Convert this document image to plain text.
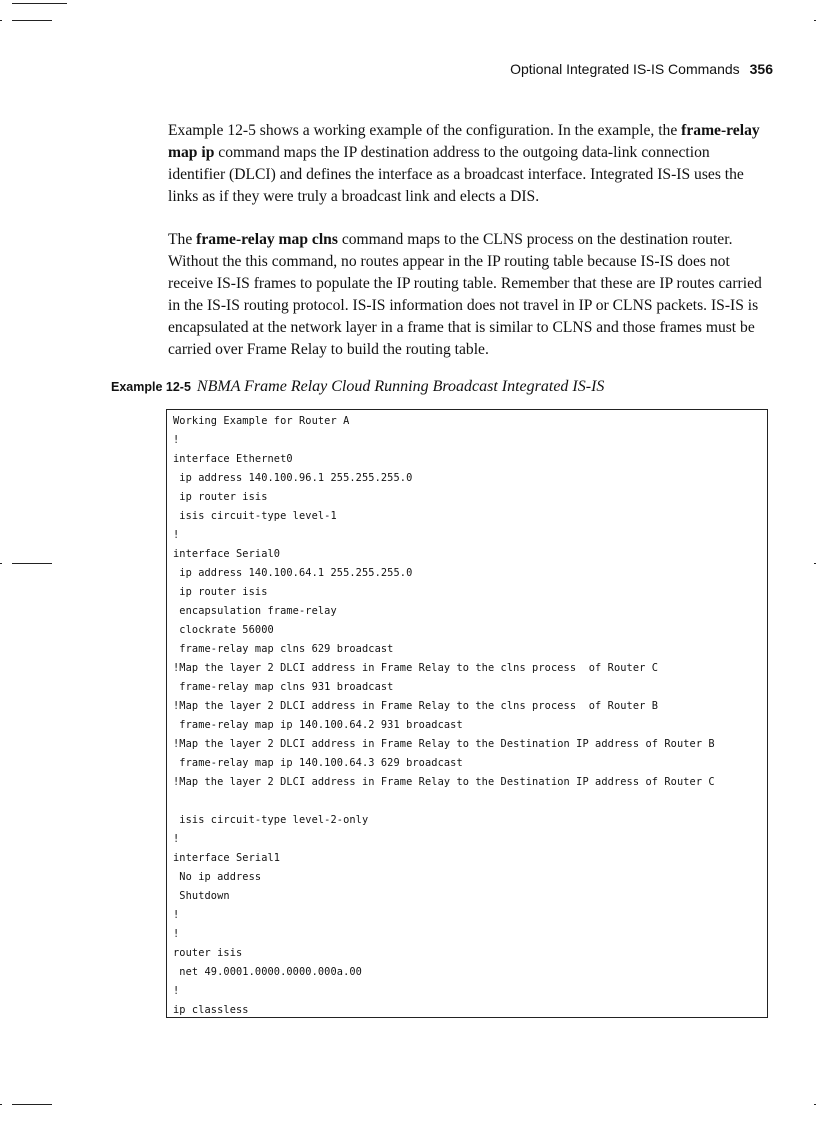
Optional Integrated IS-IS Commands 356

Example 12-5 shows a working example of the configuration. In the example, the frame-relay map ip command maps the IP destination address to the outgoing data-link connection identifier (DLCI) and defines the interface as a broadcast interface. Integrated IS-IS uses the links as if they were truly a broadcast link and elects a DIS.

The frame-relay map clns command maps to the CLNS process on the destination router. Without the this command, no routes appear in the IP routing table because IS-IS does not receive IS-IS frames to populate the IP routing table. Remember that these are IP routes carried in the IS-IS routing protocol. IS-IS information does not travel in IP or CLNS packets. IS-IS is encapsulated at the network layer in a frame that is similar to CLNS and those frames must be carried over Frame Relay to build the routing table.

Example 12-5 NBMA Frame Relay Cloud Running Broadcast Integrated IS-IS
Working Example for Router A
!
interface Ethernet0
ip address 140.100.96.1 255.255.255.0
ip router isis
isis circuit-type level-1
!
interface Serial0
ip address 140.100.64.1 255.255.255.0
ip router isis
encapsulation frame-relay
clockrate 56000
frame-relay map clns 629 broadcast
!Map the layer 2 DLCI address in Frame Relay to the clns process  of Router C
frame-relay map clns 931 broadcast
!Map the layer 2 DLCI address in Frame Relay to the clns process  of Router B
frame-relay map ip 140.100.64.2 931 broadcast
!Map the layer 2 DLCI address in Frame Relay to the Destination IP address of Router B
frame-relay map ip 140.100.64.3 629 broadcast
!Map the layer 2 DLCI address in Frame Relay to the Destination IP address of Router C
isis circuit-type level-2-only
!
interface Serial1
No ip address
Shutdown
!
!
router isis
net 49.0001.0000.0000.000a.00
!
ip classless
